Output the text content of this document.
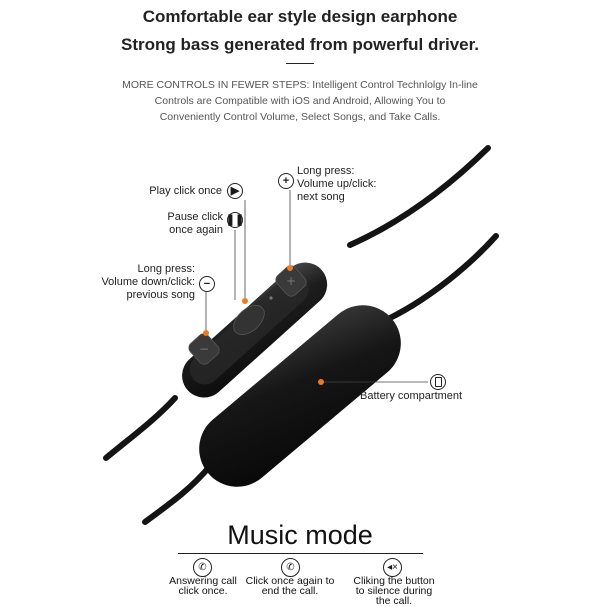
Comfortable ear style design earphone
Strong bass generated from powerful driver.
MORE CONTROLS IN FEWER STEPS: Intelligent Control Technlolgy In-line
Controls are Compatible with iOS and Android, Allowing You to
Conveniently Control Volume, Select Songs, and Take Calls.
+
−
Play click once ▶
Pause click
once again
❚❚
+
Long press:
Volume up/click:
next song
Long press:
Volume down/click:
previous song
−
Battery compartment
Music mode
✆
Answering call
click once.
✆
Click once again to
end the call.
◂×
Cliking the button
to silence during
the call.
